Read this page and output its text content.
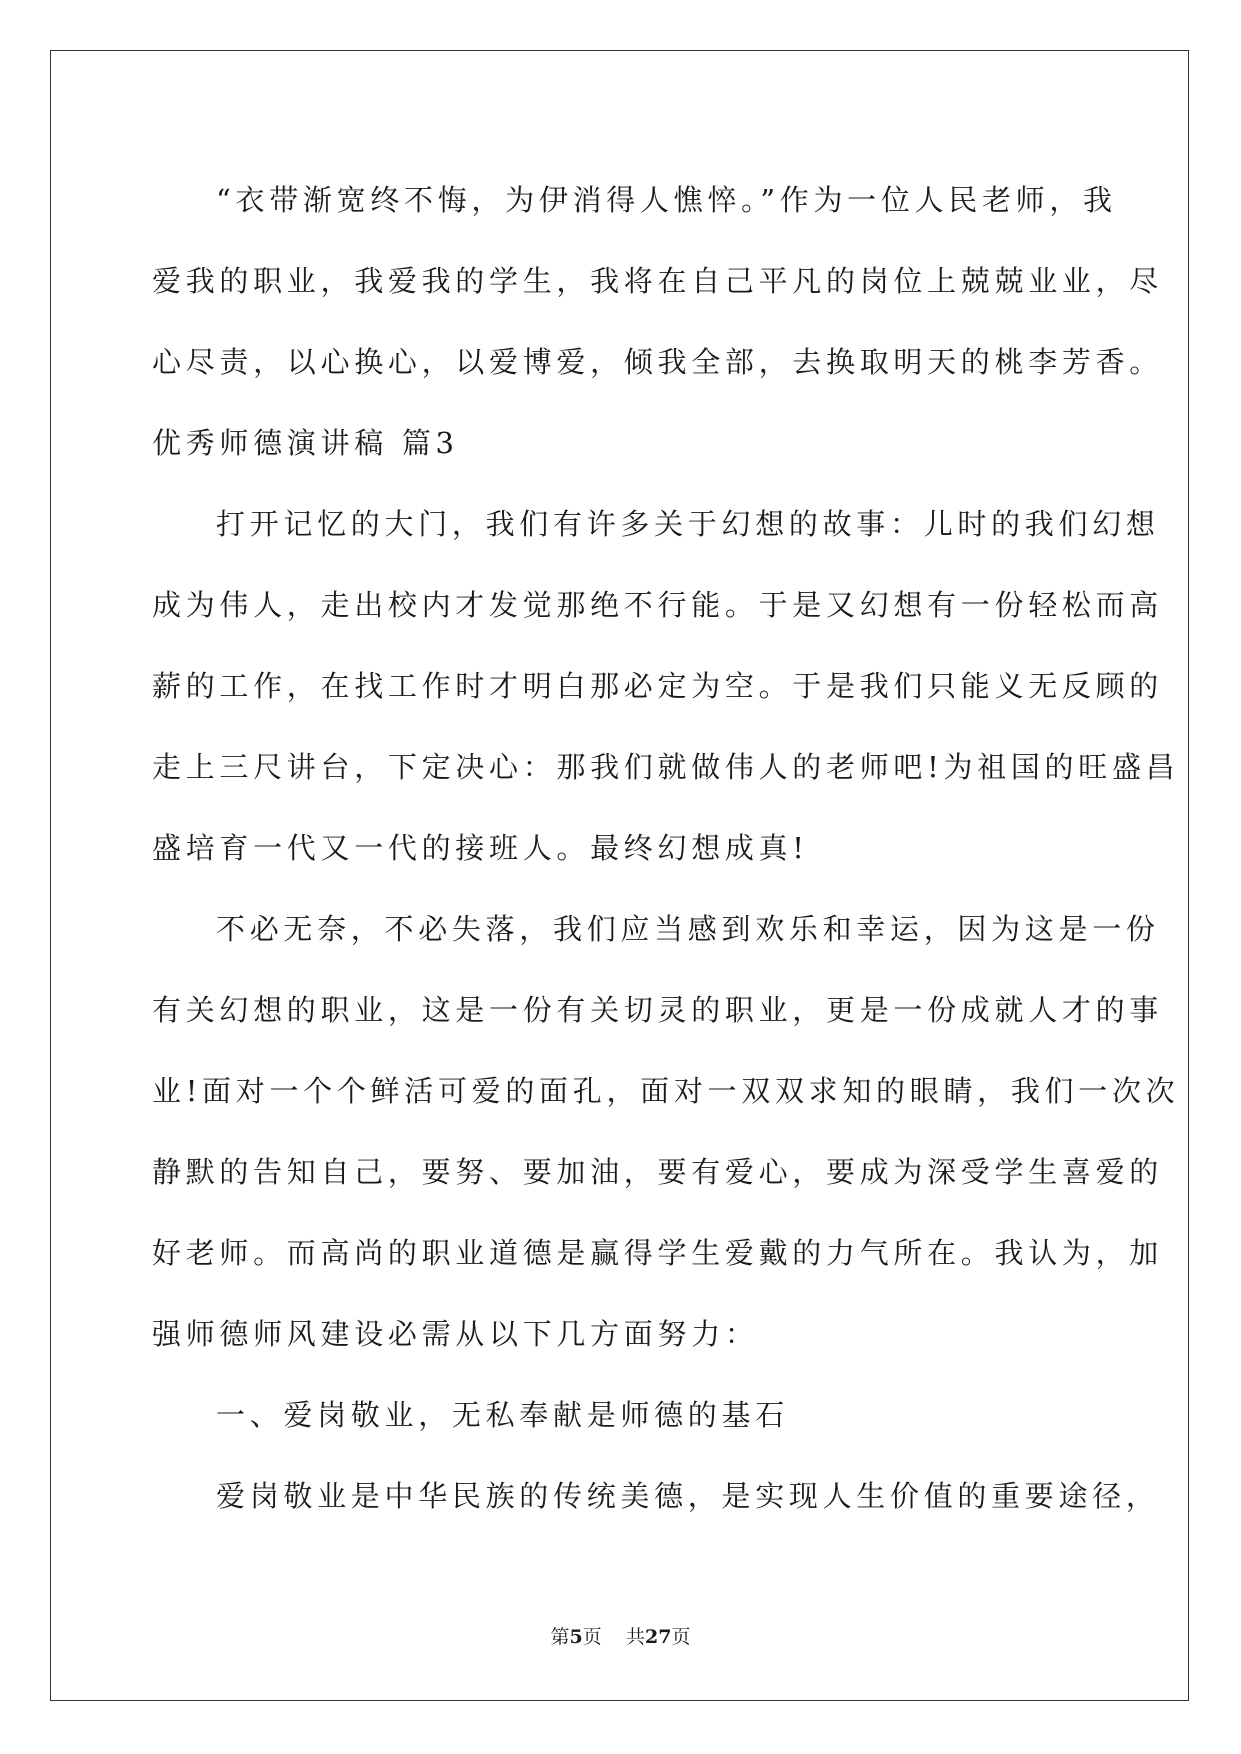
“衣带渐宽终不悔，为伊消得人憔悴。”作为一位人民老师，我
爱我的职业，我爱我的学生，我将在自己平凡的岗位上兢兢业业，尽
心尽责，以心换心，以爱博爱，倾我全部，去换取明天的桃李芳香。
优秀师德演讲稿 篇3
打开记忆的大门，我们有许多关于幻想的故事：儿时的我们幻想
成为伟人，走出校内才发觉那绝不行能。于是又幻想有一份轻松而高
薪的工作，在找工作时才明白那必定为空。于是我们只能义无反顾的
走上三尺讲台，下定决心：那我们就做伟人的老师吧!为祖国的旺盛昌
盛培育一代又一代的接班人。最终幻想成真!
不必无奈，不必失落，我们应当感到欢乐和幸运，因为这是一份
有关幻想的职业，这是一份有关切灵的职业，更是一份成就人才的事
业!面对一个个鲜活可爱的面孔，面对一双双求知的眼睛，我们一次次
静默的告知自己，要努、要加油，要有爱心，要成为深受学生喜爱的
好老师。而高尚的职业道德是赢得学生爱戴的力气所在。我认为，加
强师德师风建设必需从以下几方面努力：
一、爱岗敬业，无私奉献是师德的基石
爱岗敬业是中华民族的传统美德，是实现人生价值的重要途径，
第5页 共27页
